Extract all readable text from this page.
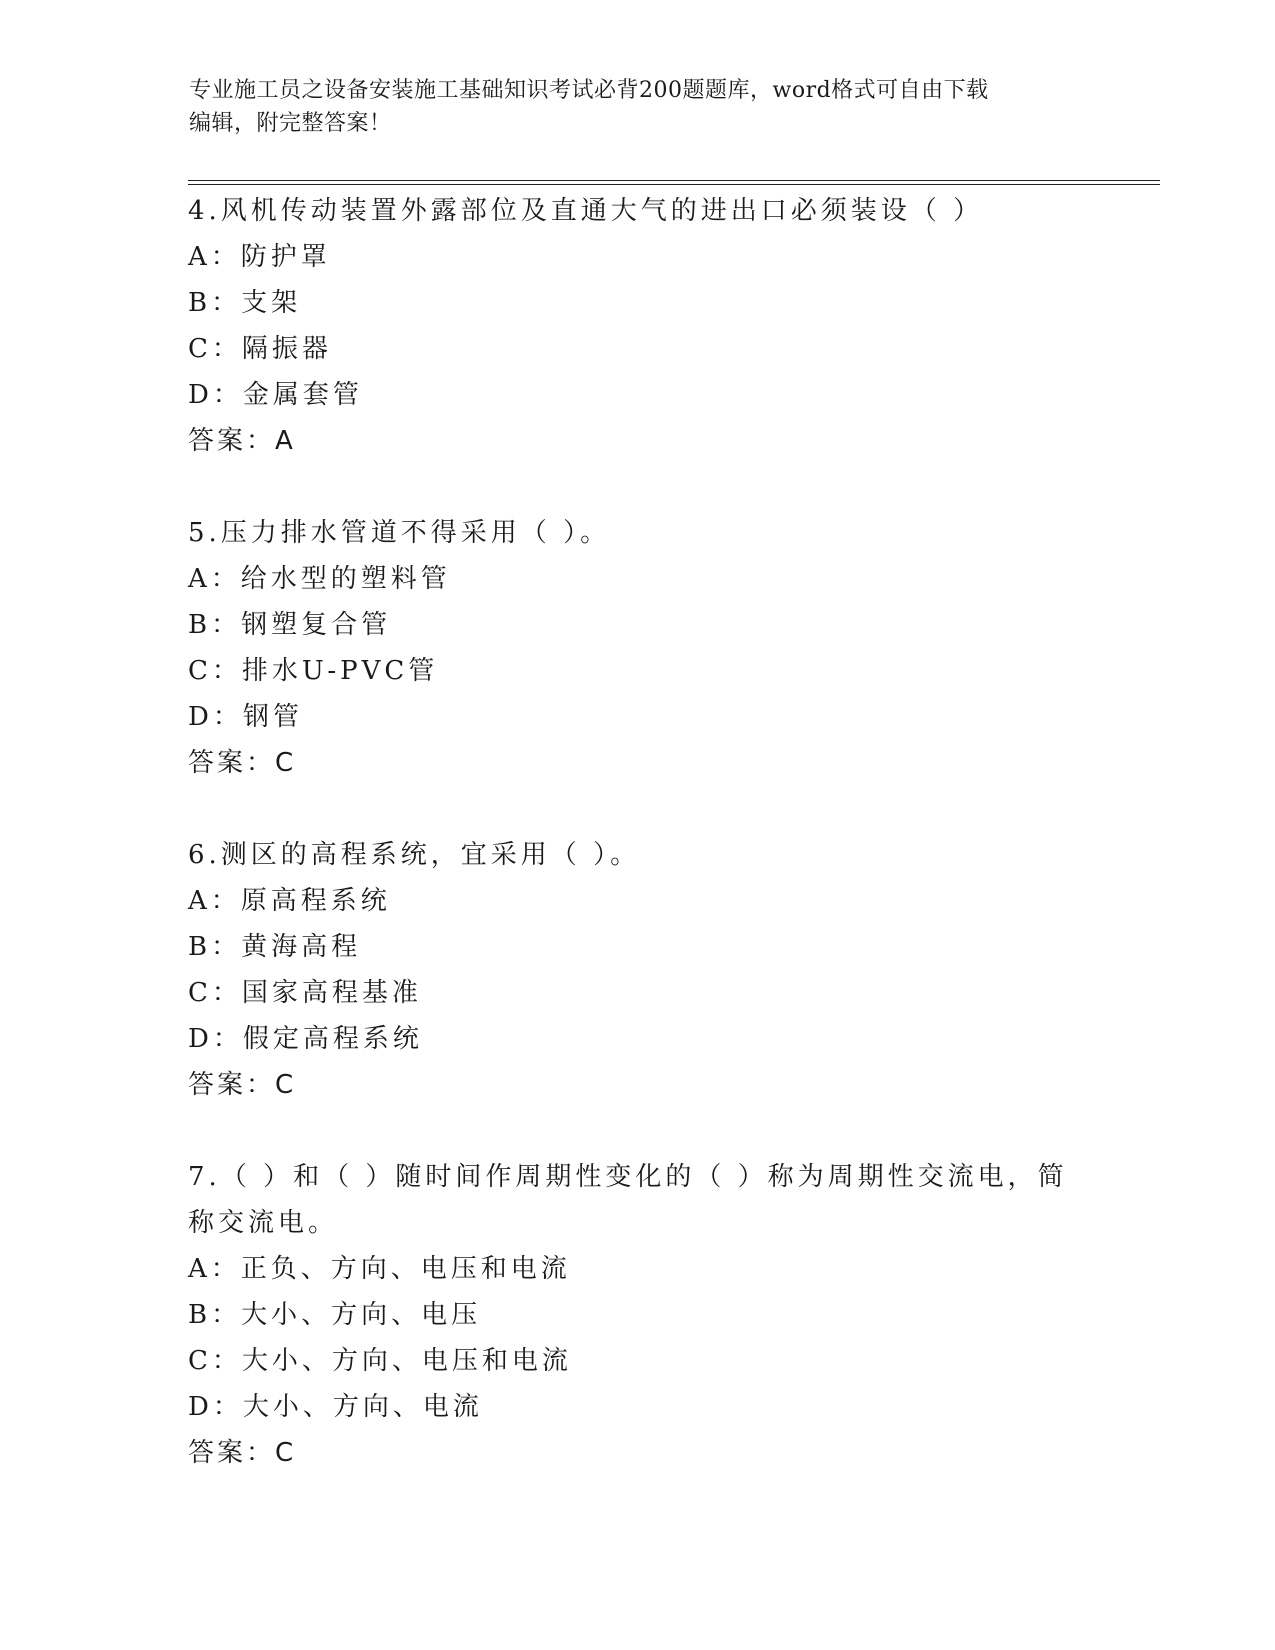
专业施工员之设备安装施工基础知识考试必背200题题库，word格式可自由下载
编辑，附完整答案！
4.风机传动装置外露部位及直通大气的进出口必须装设（ ）
A：防护罩
B：支架
C：隔振器
D：金属套管
答案：A
5.压力排水管道不得采用（ ）。
A：给水型的塑料管
B：钢塑复合管
C：排水U-PVC管
D：钢管
答案：C
6.测区的高程系统，宜采用（ ）。
A：原高程系统
B：黄海高程
C：国家高程基准
D：假定高程系统
答案：C
7.（ ）和（ ）随时间作周期性变化的（ ）称为周期性交流电，简称交流电。
A：正负、方向、电压和电流
B：大小、方向、电压
C：大小、方向、电压和电流
D：大小、方向、电流
答案：C
